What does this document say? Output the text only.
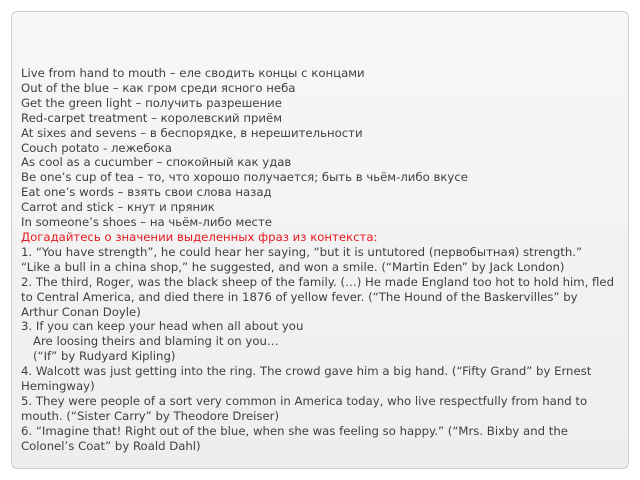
Live from hand to mouth – еле сводить концы с концами

Out of the blue – как гром среди ясного неба

Get the green light – получить разрешение

Red-carpet treatment – королевский приём

At sixes and sevens – в беспорядке, в нерешительности

Couch potato - лежебока

As cool as a cucumber – спокойный как удав

Be one’s cup of tea – то, что хорошо получается; быть в чьём-либо вкусе

Eat one’s words – взять свои слова назад

Carrot and stick – кнут и пряник

In someone’s shoes – на чьём-либо месте

Догадайтесь о значении выделенных фраз из контекста:

1. “You have strength”, he could hear her saying, “but it is untutored (первобытная) strength.”

“Like a bull in a china shop,” he suggested, and won a smile. (“Martin Eden” by Jack London)

2. The third, Roger, was the black sheep of the family. (…) He made England too hot to hold him, fled to Central America, and died there in 1876 of yellow fever. (“The Hound of the Baskervilles” by Arthur Conan Doyle)

3. If you can keep your head when all about you

Are loosing theirs and blaming it on you…

(“If” by Rudyard Kipling)

4. Walcott was just getting into the ring. The crowd gave him a big hand. (“Fifty Grand” by Ernest Hemingway)

5. They were people of a sort very common in America today, who live respectfully from hand to mouth. (“Sister Carry” by Theodore Dreiser)

6. “Imagine that! Right out of the blue, when she was feeling so happy.” (“Mrs. Bixby and the Colonel’s Coat” by Roald Dahl)
